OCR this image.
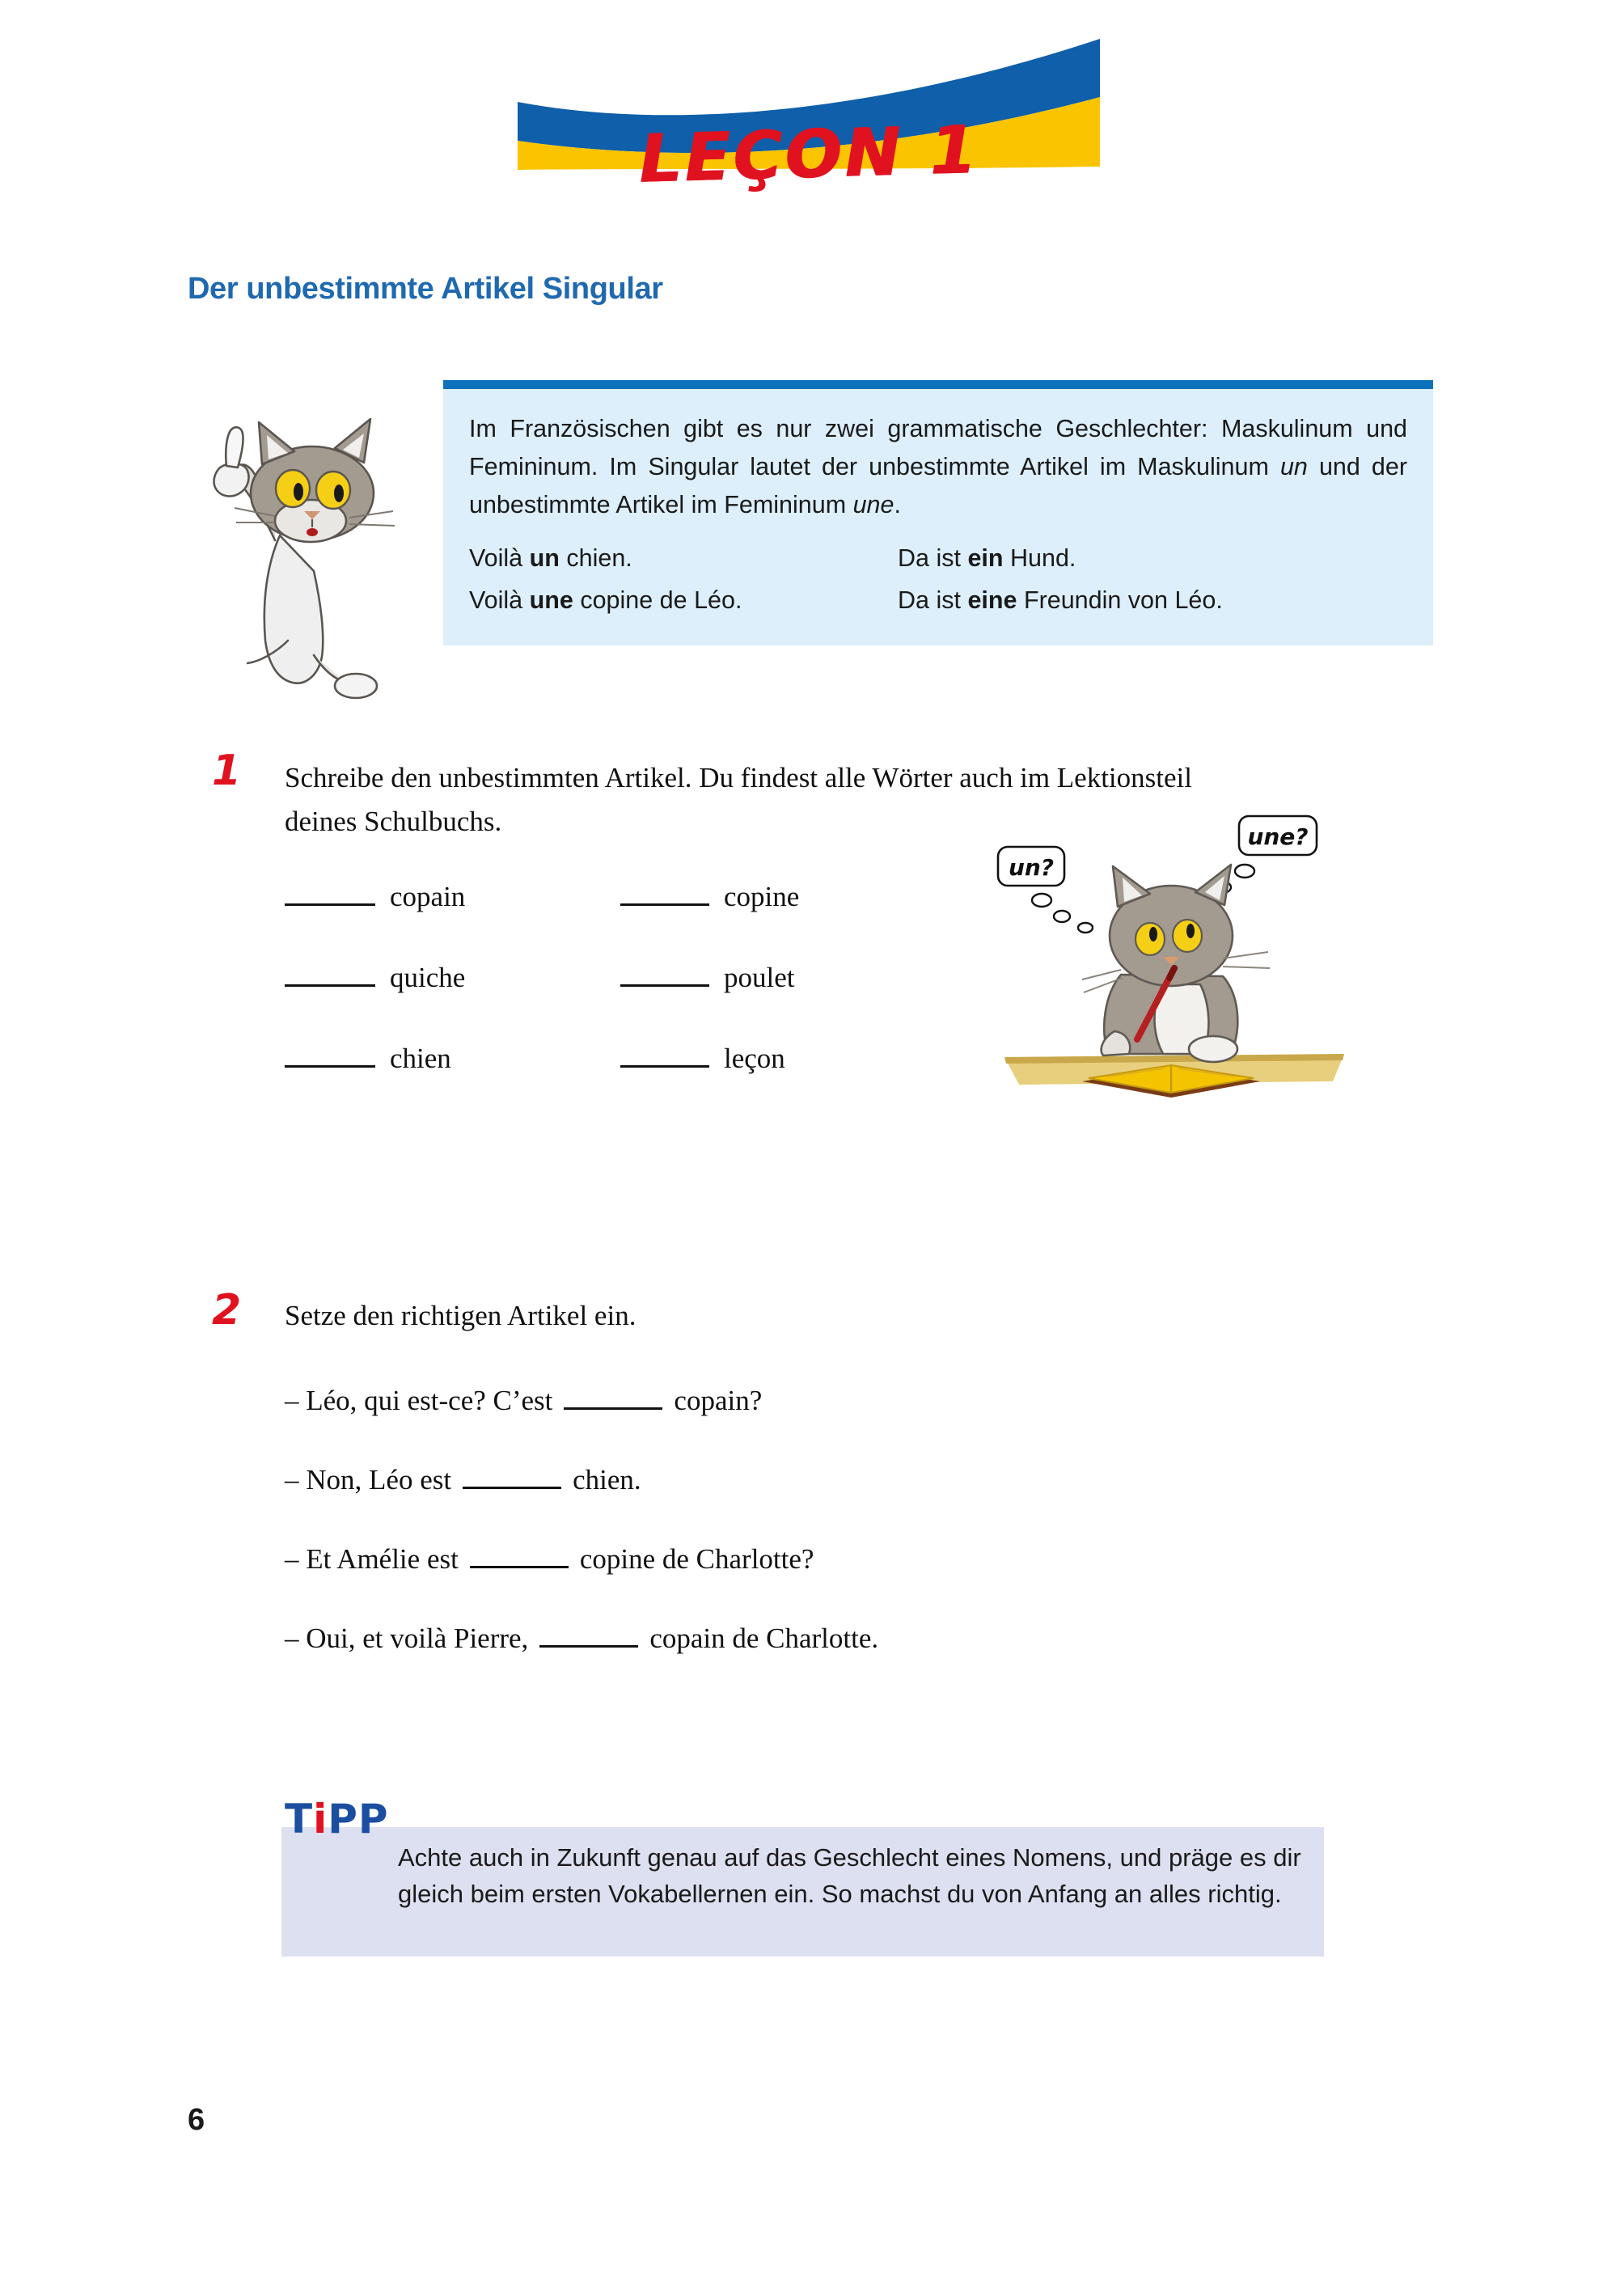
LEÇON 1
Der unbestimmte Artikel Singular

Im Französischen gibt es nur zwei grammatische Geschlechter: Maskulinum und Femininum. Im Singular lautet der unbestimmte Artikel im Maskulinum un und der unbestimmte Artikel im Femininum une.

Voilà un chien.	Da ist ein Hund.
Voilà une copine de Léo.	Da ist eine Freundin von Léo.
1 Schreibe den unbestimmten Artikel. Du findest alle Wörter auch im Lektionsteil deines Schulbuchs.
copain	copine
quiche	poulet
chien	leçon
un?
une?
2 Setze den richtigen Artikel ein.
– Léo, qui est-ce? C’est	copain?
– Non, Léo est	chien.
– Et Amélie est	copine de Charlotte?
– Oui, et voilà Pierre,	copain de Charlotte.
TiPP
Achte auch in Zukunft genau auf das Geschlecht eines Nomens, und präge es dir gleich beim ersten Vokabellernen ein. So machst du von Anfang an alles richtig.
6
